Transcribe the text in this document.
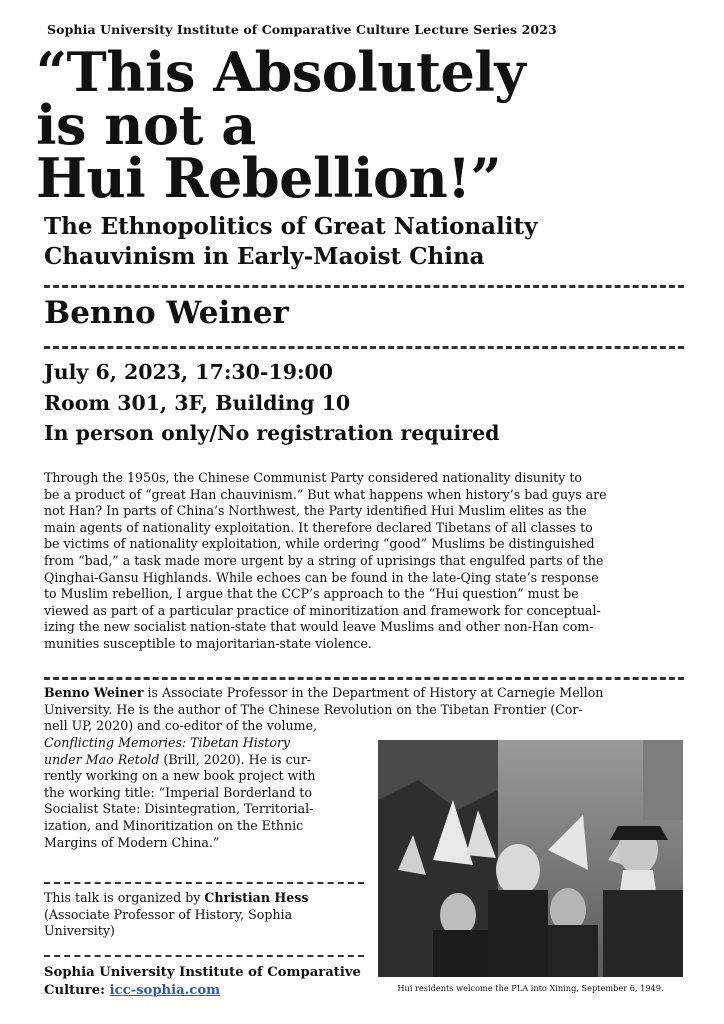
Sophia University Institute of Comparative Culture Lecture Series 2023
“This Absolutely
is not a
Hui Rebellion!”
The Ethnopolitics of Great Nationality
Chauvinism in Early-Maoist China
Benno Weiner
July 6, 2023, 17:30-19:00
Room 301, 3F, Building 10
In person only/No registration required
Through the 1950s, the Chinese Communist Party considered nationality disunity to
be a product of “great Han chauvinism.” But what happens when history’s bad guys are
not Han? In parts of China’s Northwest, the Party identified Hui Muslim elites as the
main agents of nationality exploitation. It therefore declared Tibetans of all classes to
be victims of nationality exploitation, while ordering “good” Muslims be distinguished
from “bad,” a task made more urgent by a string of uprisings that engulfed parts of the
Qinghai-Gansu Highlands. While echoes can be found in the late-Qing state’s response
to Muslim rebellion, I argue that the CCP’s approach to the “Hui question” must be
viewed as part of a particular practice of minoritization and framework for conceptual-
izing the new socialist nation-state that would leave Muslims and other non-Han com-
munities susceptible to majoritarian-state violence.
Benno Weiner is Associate Professor in the Department of History at Carnegie Mellon
University. He is the author of The Chinese Revolution on the Tibetan Frontier (Cor-
nell UP, 2020) and co-editor of the volume,
Conflicting Memories: Tibetan History
under Mao Retold (Brill, 2020). He is cur-
rently working on a new book project with
the working title: “Imperial Borderland to
Socialist State: Disintegration, Territorial-
ization, and Minoritization on the Ethnic
Margins of Modern China.”
This talk is organized by Christian Hess
(Associate Professor of History, Sophia
University)
Sophia University Institute of Comparative
Culture: icc-sophia.com	Hui residents welcome the PLA into Xining, September 6, 1949.
